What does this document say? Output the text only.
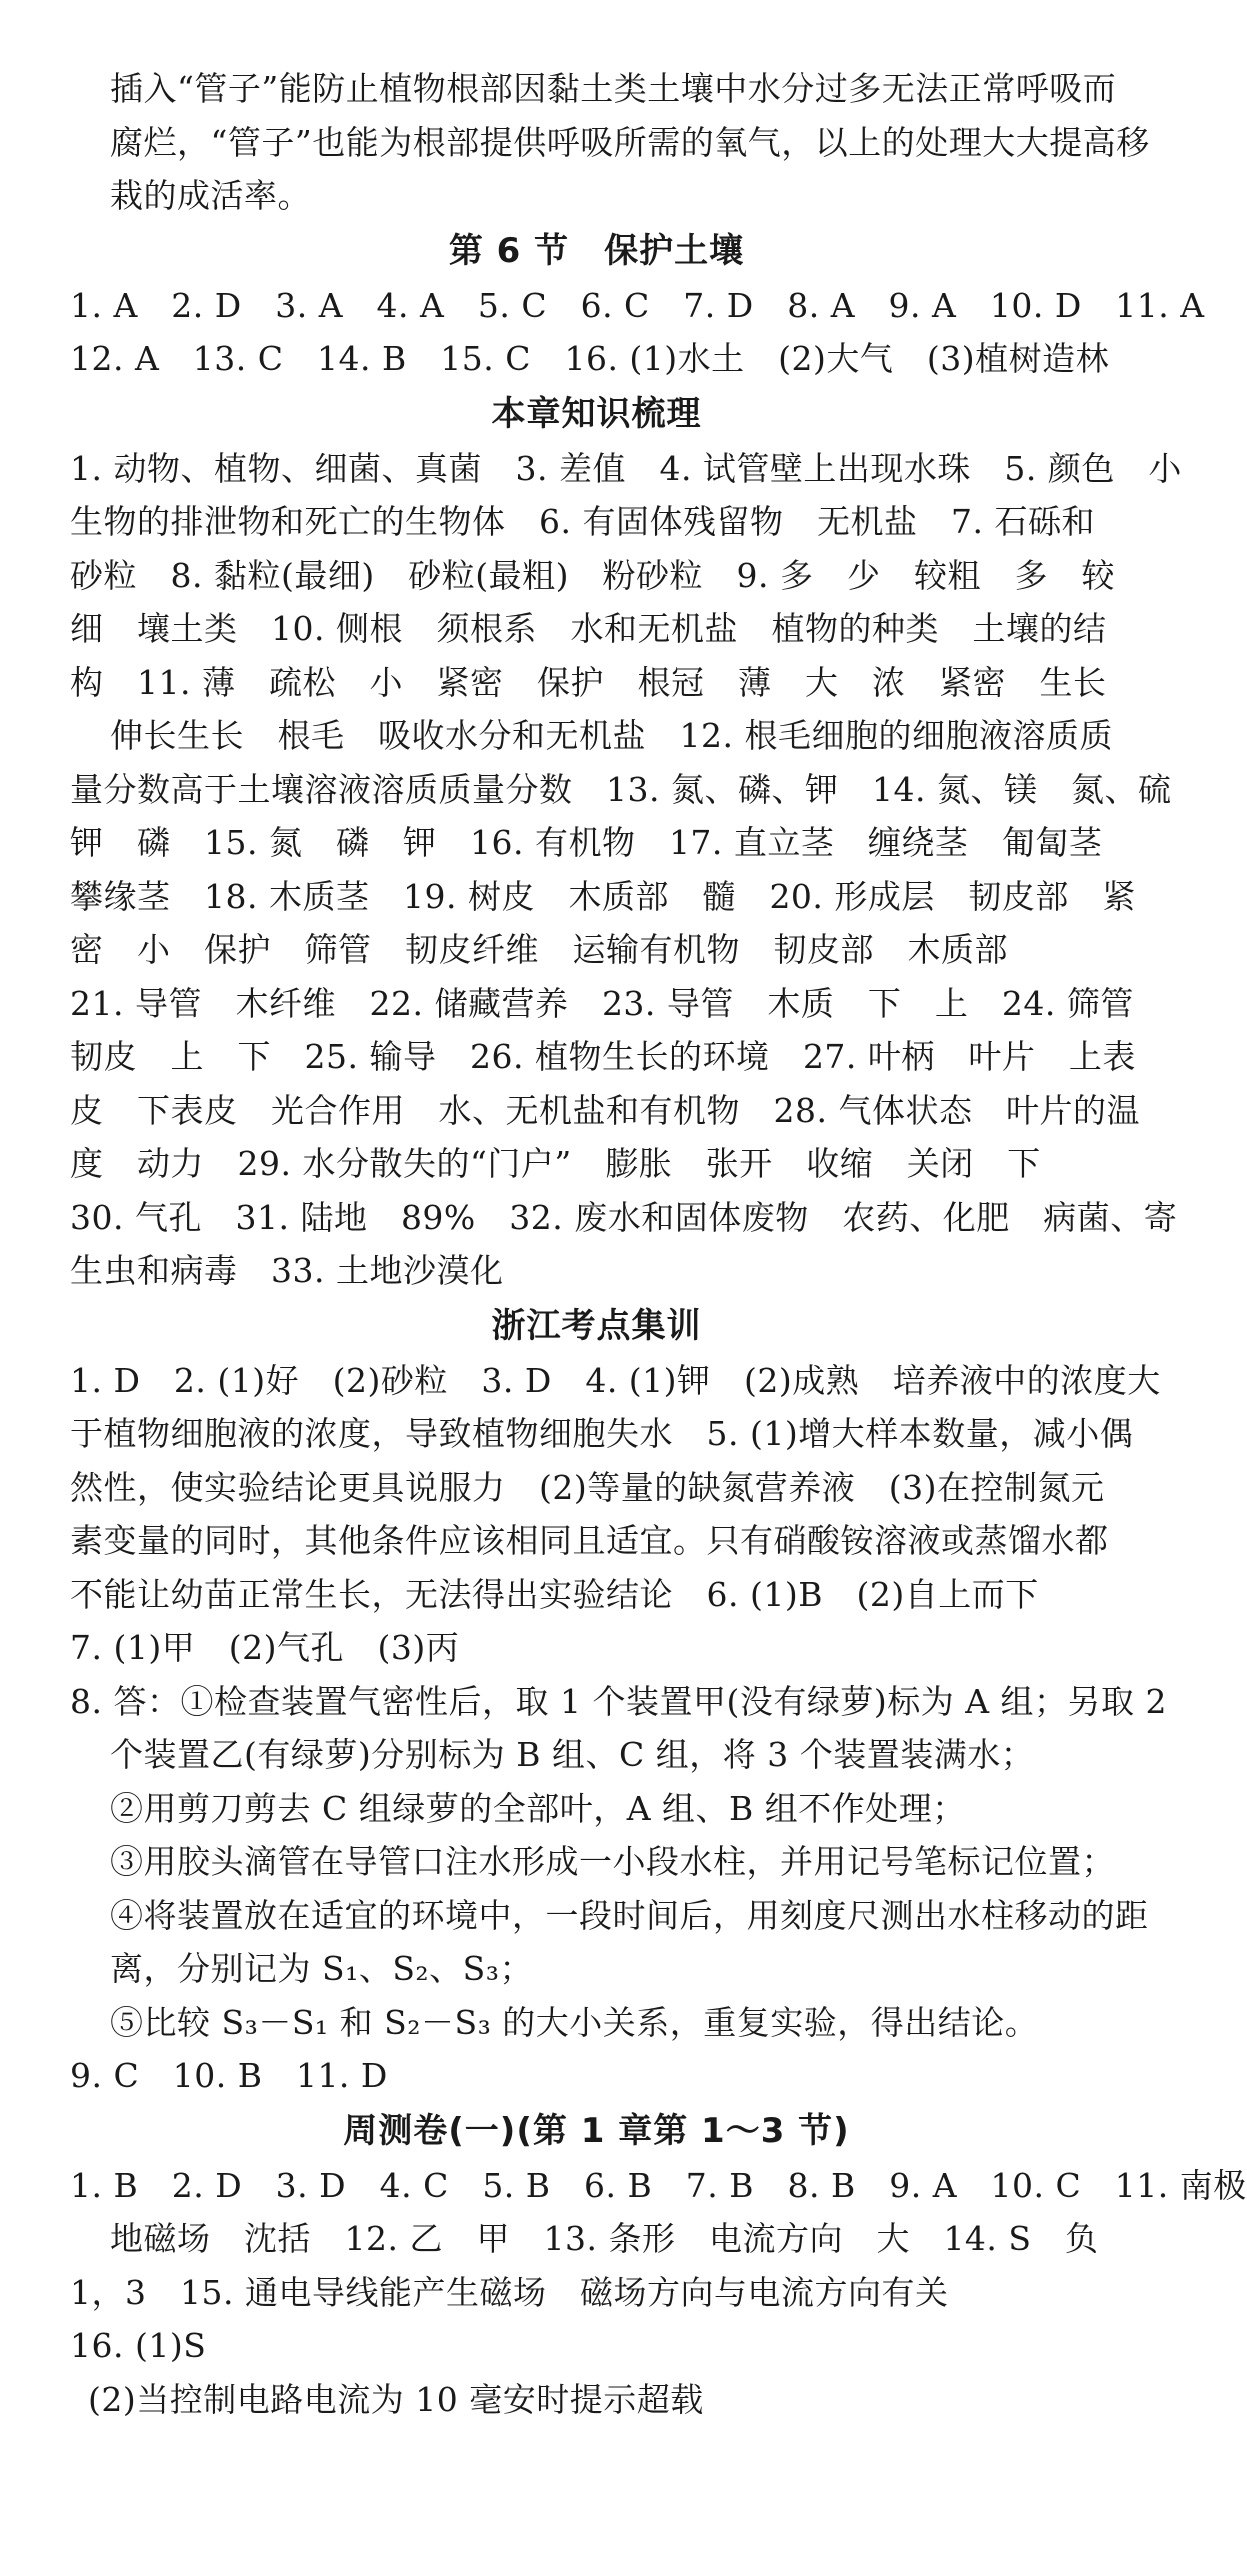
插入“管子”能防止植物根部因黏土类土壤中水分过多无法正常呼吸而
腐烂，“管子”也能为根部提供呼吸所需的氧气，以上的处理大大提高移
栽的成活率。
第 6 节　保护土壤
1. A　2. D　3. A　4. A　5. C　6. C　7. D　8. A　9. A　10. D　11. A
12. A　13. C　14. B　15. C　16. (1)水土　(2)大气　(3)植树造林
本章知识梳理
1. 动物、植物、细菌、真菌　3. 差值　4. 试管壁上出现水珠　5. 颜色　小
生物的排泄物和死亡的生物体　6. 有固体残留物　无机盐　7. 石砾和
砂粒　8. 黏粒(最细)　砂粒(最粗)　粉砂粒　9. 多　少　较粗　多　较
细　壤土类　10. 侧根　须根系　水和无机盐　植物的种类　土壤的结
构　11. 薄　疏松　小　紧密　保护　根冠　薄　大　浓　紧密　生长
伸长生长　根毛　吸收水分和无机盐　12. 根毛细胞的细胞液溶质质
量分数高于土壤溶液溶质质量分数　13. 氮、磷、钾　14. 氮、镁　氮、硫
钾　磷　15. 氮　磷　钾　16. 有机物　17. 直立茎　缠绕茎　匍匐茎
攀缘茎　18. 木质茎　19. 树皮　木质部　髓　20. 形成层　韧皮部　紧
密　小　保护　筛管　韧皮纤维　运输有机物　韧皮部　木质部
21. 导管　木纤维　22. 储藏营养　23. 导管　木质　下　上　24. 筛管
韧皮　上　下　25. 输导　26. 植物生长的环境　27. 叶柄　叶片　上表
皮　下表皮　光合作用　水、无机盐和有机物　28. 气体状态　叶片的温
度　动力　29. 水分散失的“门户”　膨胀　张开　收缩　关闭　下
30. 气孔　31. 陆地　89%　32. 废水和固体废物　农药、化肥　病菌、寄
生虫和病毒　33. 土地沙漠化
浙江考点集训
1. D　2. (1)好　(2)砂粒　3. D　4. (1)钾　(2)成熟　培养液中的浓度大
于植物细胞液的浓度，导致植物细胞失水　5. (1)增大样本数量，减小偶
然性，使实验结论更具说服力　(2)等量的缺氮营养液　(3)在控制氮元
素变量的同时，其他条件应该相同且适宜。只有硝酸铵溶液或蒸馏水都
不能让幼苗正常生长，无法得出实验结论　6. (1)B　(2)自上而下
7. (1)甲　(2)气孔　(3)丙
8. 答：①检查装置气密性后，取 1 个装置甲(没有绿萝)标为 A 组；另取 2
个装置乙(有绿萝)分别标为 B 组、C 组，将 3 个装置装满水；
②用剪刀剪去 C 组绿萝的全部叶，A 组、B 组不作处理；
③用胶头滴管在导管口注水形成一小段水柱，并用记号笔标记位置；
④将装置放在适宜的环境中，一段时间后，用刻度尺测出水柱移动的距
离，分别记为 S₁、S₂、S₃；
⑤比较 S₃－S₁ 和 S₂－S₃ 的大小关系，重复实验，得出结论。
9. C　10. B　11. D
周测卷(一)(第 1 章第 1～3 节)
1. B　2. D　3. D　4. C　5. B　6. B　7. B　8. B　9. A　10. C　11. 南极
地磁场　沈括　12. 乙　甲　13. 条形　电流方向　大　14. S　负
1，3　15. 通电导线能产生磁场　磁场方向与电流方向有关
16. (1)S
(2)当控制电路电流为 10 毫安时提示超载
